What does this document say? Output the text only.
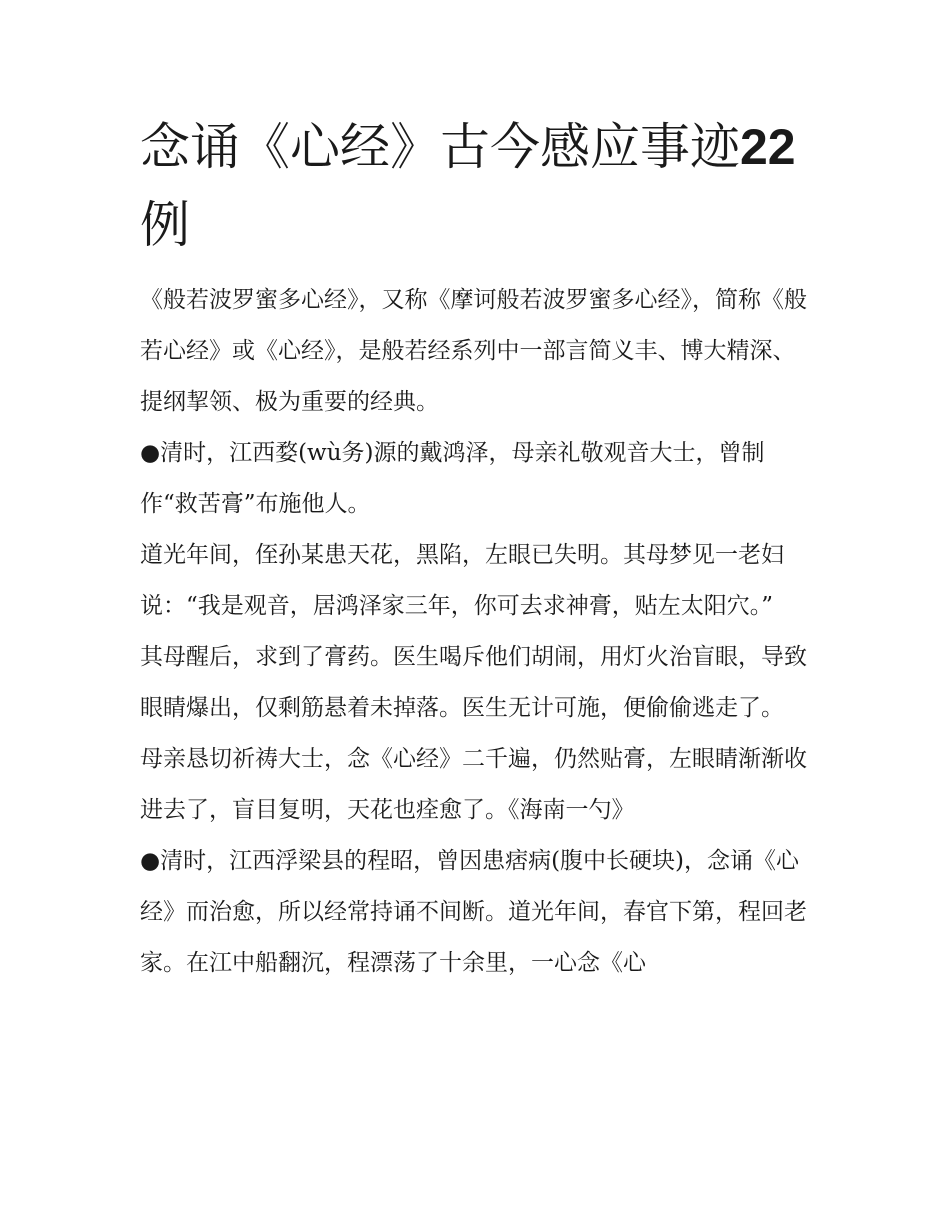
念诵《心经》古今感应事迹22例

《般若波罗蜜多心经》，又称《摩诃般若波罗蜜多心经》，简称《般若心经》或《心经》，是般若经系列中一部言简义丰、博大精深、提纲挈领、极为重要的经典。

●清时，江西婺(wù务)源的戴鸿泽，母亲礼敬观音大士，曾制作“救苦膏”布施他人。

道光年间，侄孙某患天花，黑陷，左眼已失明。其母梦见一老妇说：“我是观音，居鸿泽家三年，你可去求神膏，贴左太阳穴。”

其母醒后，求到了膏药。医生喝斥他们胡闹，用灯火治盲眼，导致眼睛爆出，仅剩筋悬着未掉落。医生无计可施，便偷偷逃走了。

母亲恳切祈祷大士，念《心经》二千遍，仍然贴膏，左眼睛渐渐收进去了，盲目复明，天花也痊愈了。《海南一勺》

●清时，江西浮梁县的程昭，曾因患痞病(腹中长硬块)，念诵《心经》而治愈，所以经常持诵不间断。道光年间，春官下第，程回老家。在江中船翻沉，程漂荡了十余里，一心念《心
